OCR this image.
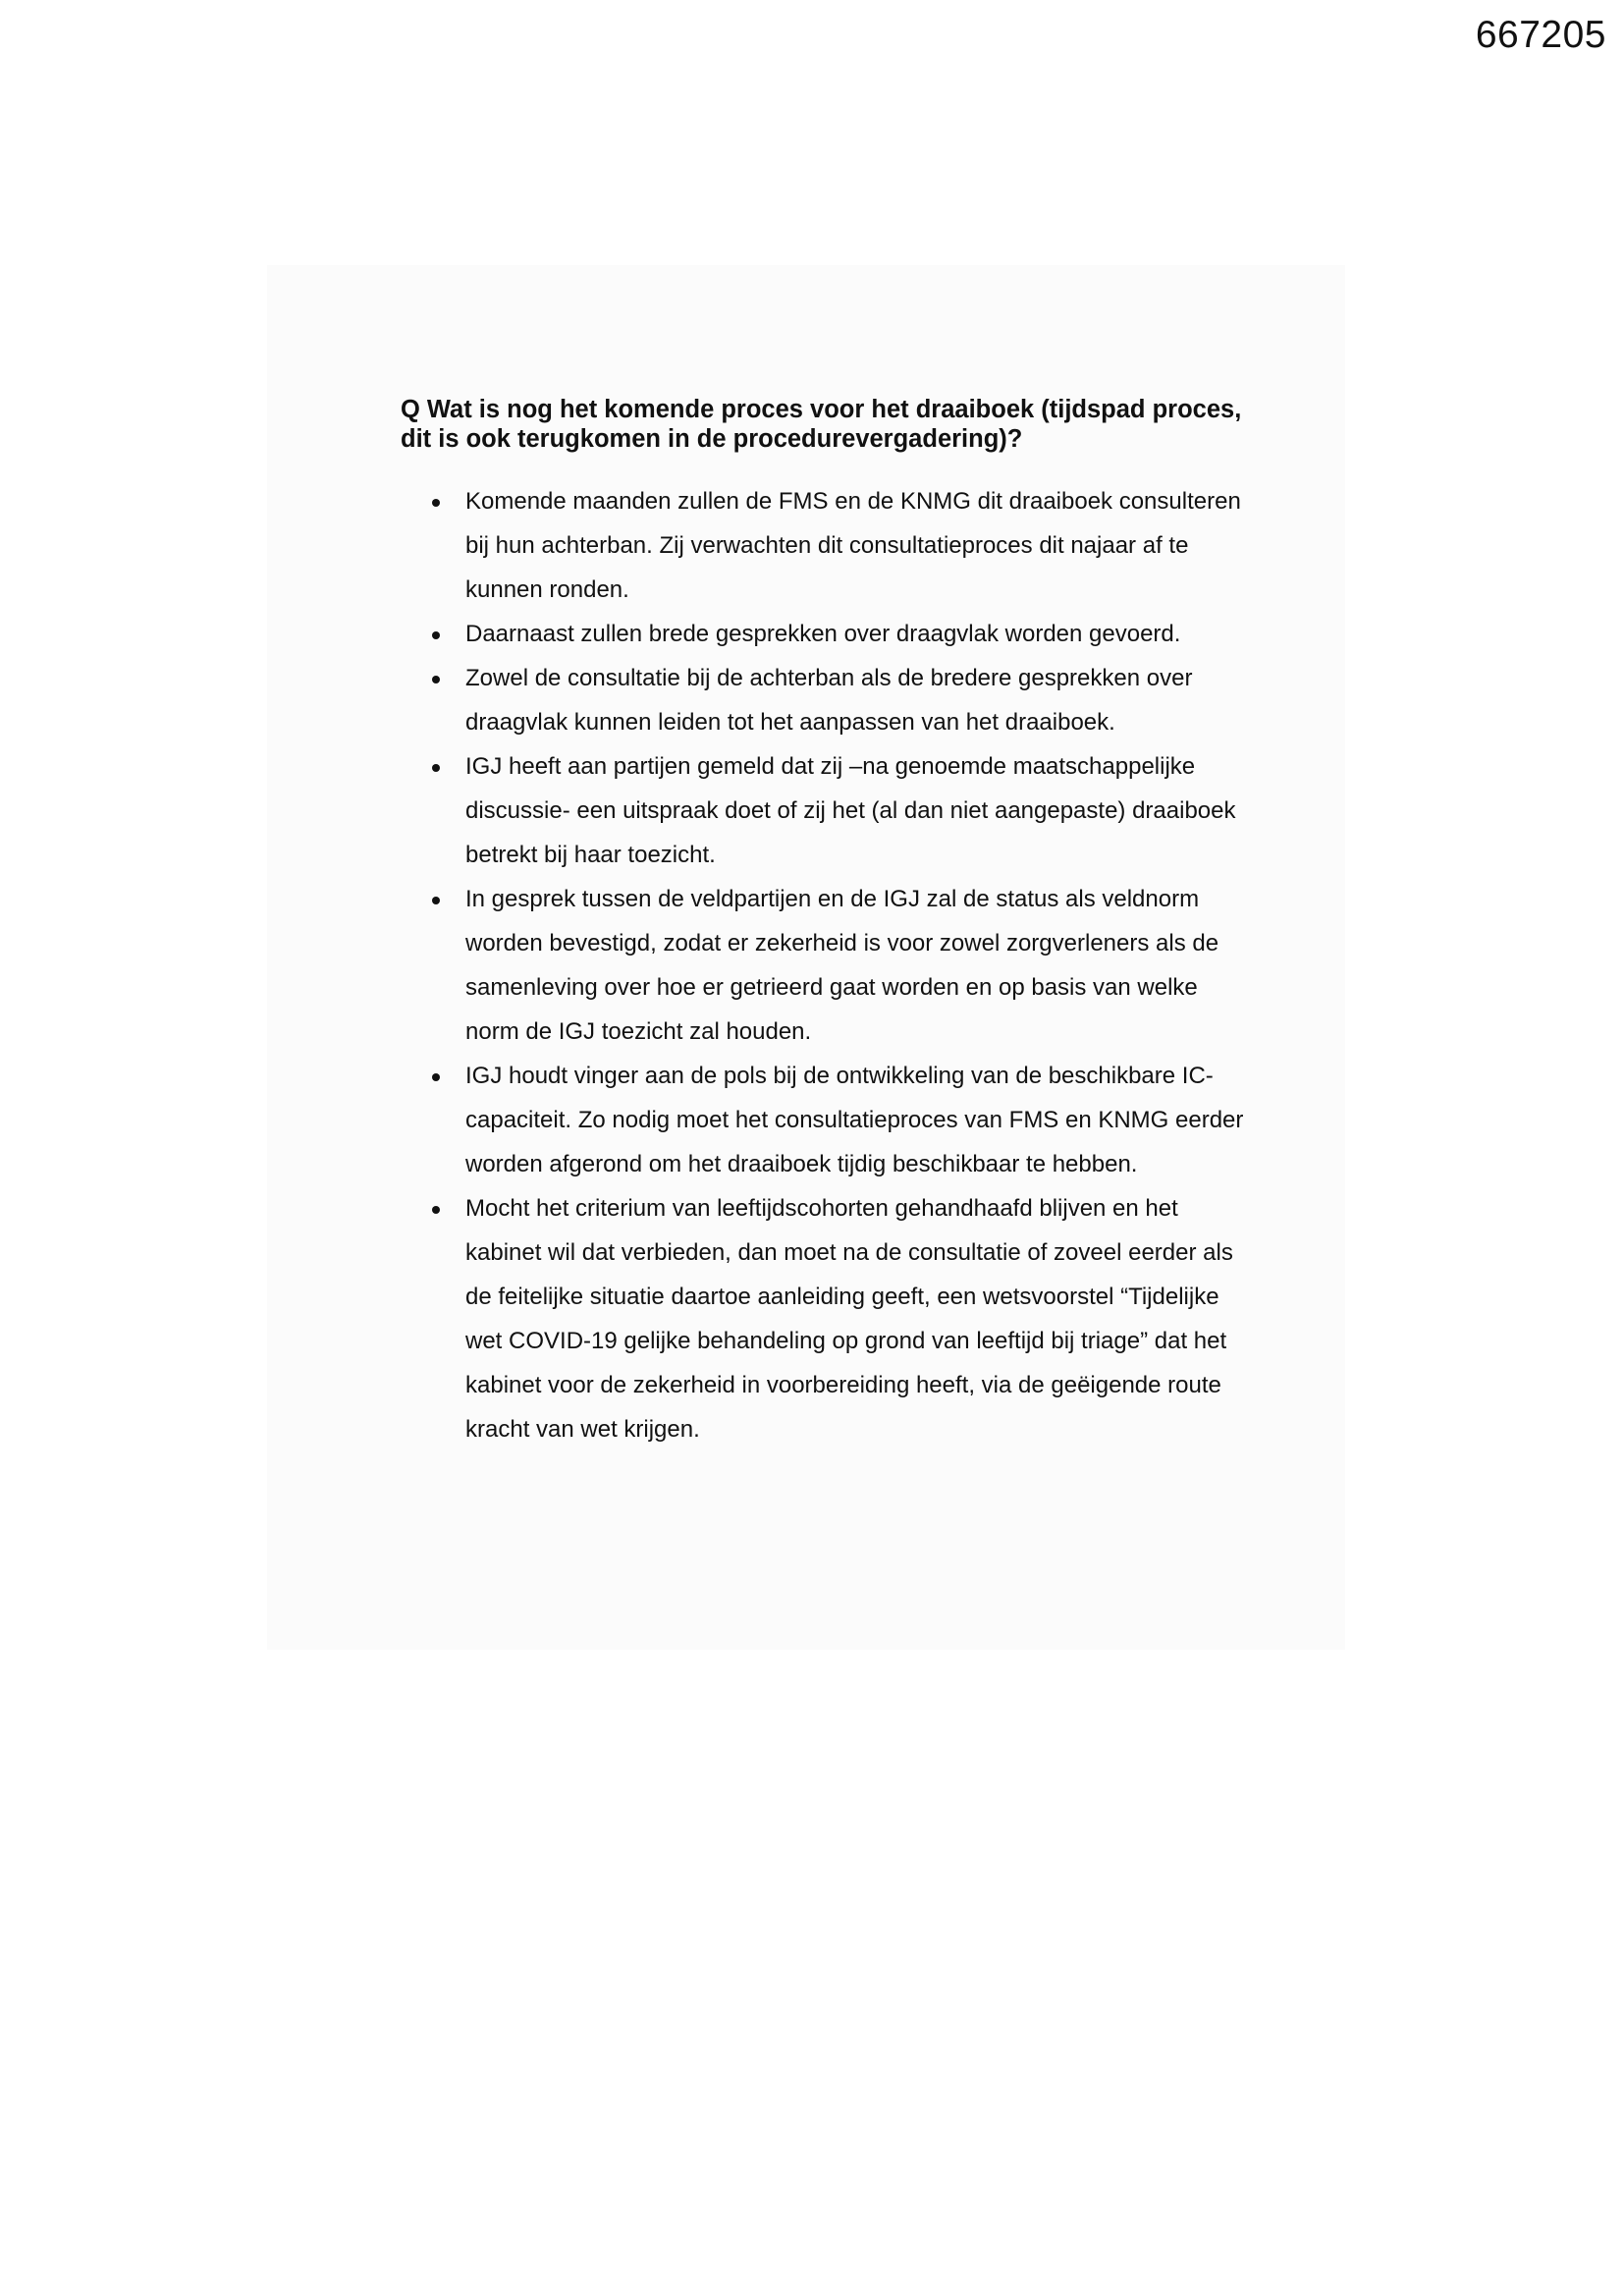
667205

Q Wat is nog het komende proces voor het draaiboek (tijdspad proces, dit is ook terugkomen in de procedurevergadering)?

Komende maanden zullen de FMS en de KNMG dit draaiboek consulteren bij hun achterban. Zij verwachten dit consultatieproces dit najaar af te kunnen ronden.
Daarnaast zullen brede gesprekken over draagvlak worden gevoerd.
Zowel de consultatie bij de achterban als de bredere gesprekken over draagvlak kunnen leiden tot het aanpassen van het draaiboek.
IGJ heeft aan partijen gemeld dat zij –na genoemde maatschappelijke discussie- een uitspraak doet of zij het (al dan niet aangepaste) draaiboek betrekt bij haar toezicht.
In gesprek tussen de veldpartijen en de IGJ zal de status als veldnorm worden bevestigd, zodat er zekerheid is voor zowel zorgverleners als de samenleving over hoe er getrieerd gaat worden en op basis van welke norm de IGJ toezicht zal houden.
IGJ houdt vinger aan de pols bij de ontwikkeling van de beschikbare IC-capaciteit. Zo nodig moet het consultatieproces van FMS en KNMG eerder worden afgerond om het draaiboek tijdig beschikbaar te hebben.
Mocht het criterium van leeftijdscohorten gehandhaafd blijven en het kabinet wil dat verbieden, dan moet na de consultatie of zoveel eerder als de feitelijke situatie daartoe aanleiding geeft, een wetsvoorstel “Tijdelijke wet COVID-19 gelijke behandeling op grond van leeftijd bij triage” dat het kabinet voor de zekerheid in voorbereiding heeft, via de geëigende route kracht van wet krijgen.
